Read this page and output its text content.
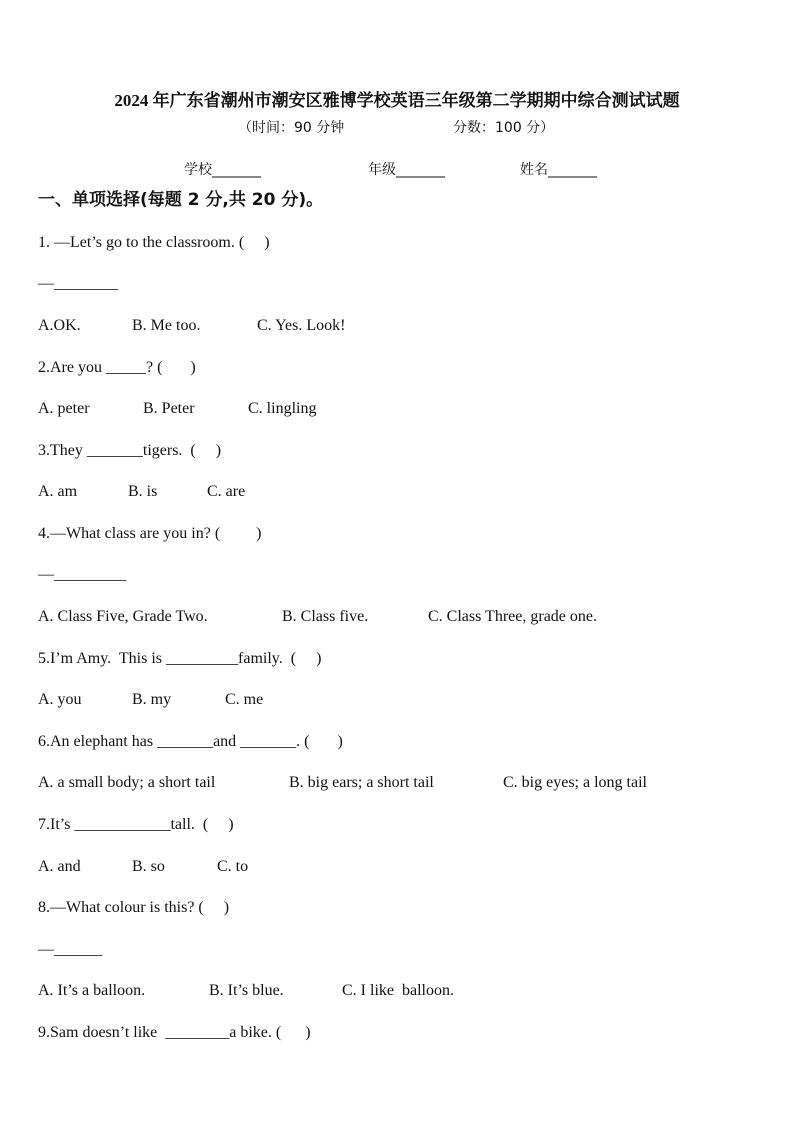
2024 年广东省潮州市潮安区雅博学校英语三年级第二学期期中综合测试试题
（时间：90 分钟	分数：100 分）
学校_______	年级_______	姓名_______
一、单项选择(每题 2 分,共 20 分)。
1. —Let’s go to the classroom. (     )
—________
A.OK.	B. Me too.	C. Yes. Look!
2.Are you _____? (       )
A. peter	B. Peter	C. lingling
3.They _______tigers.  (     )
A. am	B. is	C. are
4.—What class are you in? (         )
—_________
A. Class Five, Grade Two.	B. Class five.	C. Class Three, grade one.
5.I’m Amy.  This is _________family.  (     )
A. you	B. my	C. me
6.An elephant has _______and _______. (       )
A. a small body; a short tail	B. big ears; a short tail	C. big eyes; a long tail
7.It’s ____________tall.  (     )
A. and	B. so	C. to
8.—What colour is this? (     )
—______
A. It’s a balloon.	B. It’s blue.	C. I like  balloon.
9.Sam doesn’t like  ________a bike. (      )
